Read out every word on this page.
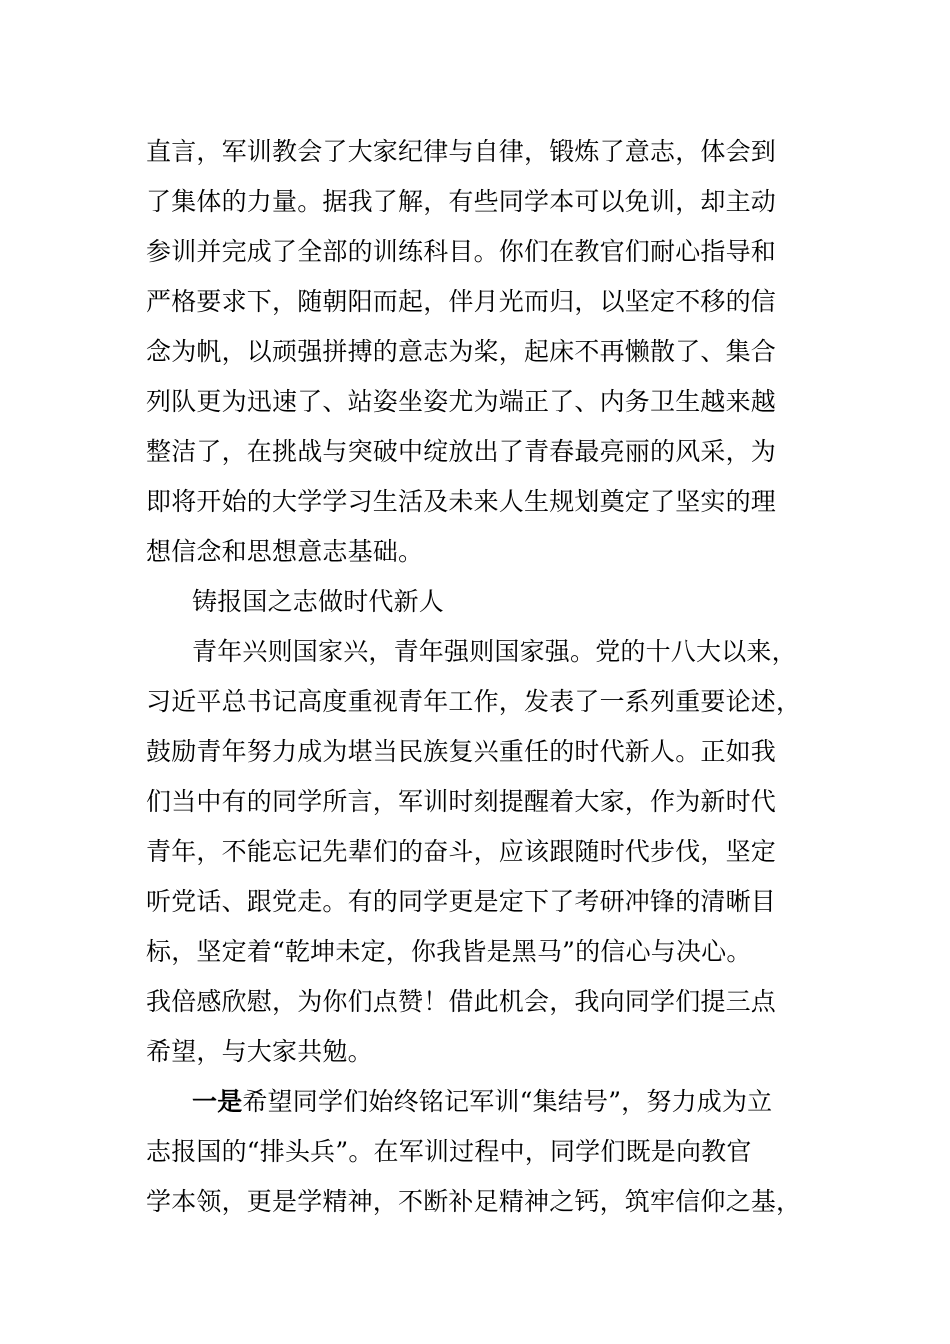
直言，军训教会了大家纪律与自律，锻炼了意志，体会到
了集体的力量。据我了解，有些同学本可以免训，却主动
参训并完成了全部的训练科目。你们在教官们耐心指导和
严格要求下，随朝阳而起，伴月光而归，以坚定不移的信
念为帆，以顽强拼搏的意志为桨，起床不再懒散了、集合
列队更为迅速了、站姿坐姿尤为端正了、内务卫生越来越
整洁了，在挑战与突破中绽放出了青春最亮丽的风采，为
即将开始的大学学习生活及未来人生规划奠定了坚实的理
想信念和思想意志基础。
铸报国之志做时代新人
青年兴则国家兴，青年强则国家强。党的十八大以来，
习近平总书记高度重视青年工作，发表了一系列重要论述，
鼓励青年努力成为堪当民族复兴重任的时代新人。正如我
们当中有的同学所言，军训时刻提醒着大家，作为新时代
青年，不能忘记先辈们的奋斗，应该跟随时代步伐，坚定
听党话、跟党走。有的同学更是定下了考研冲锋的清晰目
标，坚定着“乾坤未定，你我皆是黑马”的信心与决心。
我倍感欣慰，为你们点赞！借此机会，我向同学们提三点
希望，与大家共勉。
一是希望同学们始终铭记军训“集结号”，努力成为立
志报国的“排头兵”。在军训过程中，同学们既是向教官
学本领，更是学精神，不断补足精神之钙，筑牢信仰之基，
